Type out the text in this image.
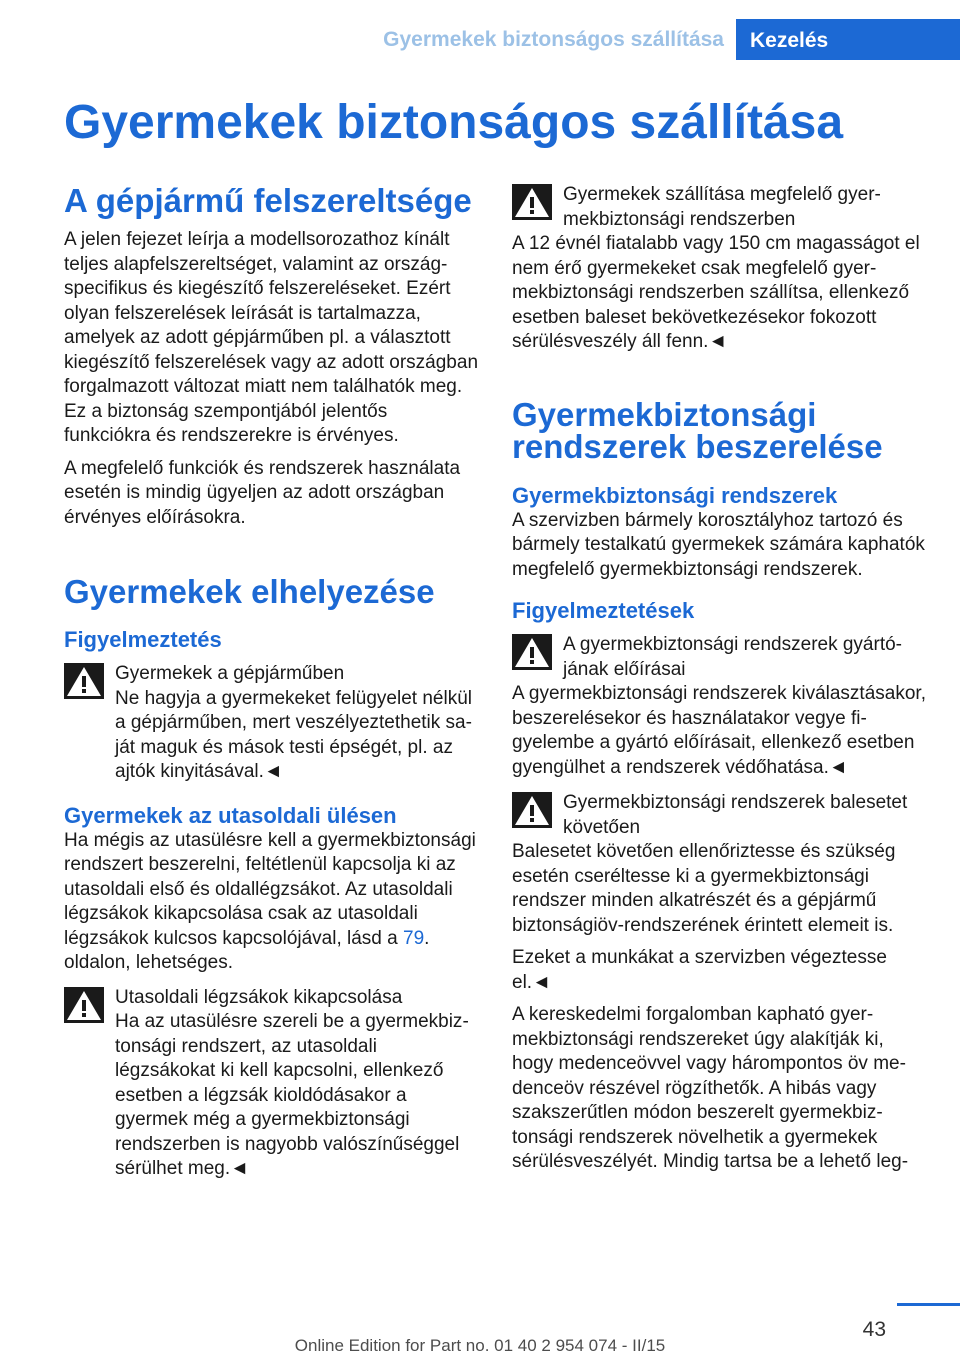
Gyermekek biztonságos szállítása	Kezelés
Gyermekek biztonságos szállítása
A gépjármű felszereltsége

A jelen fejezet leírja a modellsorozathoz kínált teljes alapfelszereltséget, valamint az országspecifikus és kiegészítő felszereléseket. Ezért olyan felszerelések leírását is tartalmazza, amelyek az adott gépjárműben pl. a választott kiegészítő felszerelések vagy az adott országban forgalmazott változat miatt nem találhatók meg. Ez a biztonság szempontjából jelentős funkciókra és rendszerekre is érvényes.

A megfelelő funkciók és rendszerek használata esetén is mindig ügyeljen az adott országban érvényes előírásokra.

Gyermekek elhelyezése
Figyelmeztetés

Gyermekek a gépjárműben

Ne hagyja a gyermekeket felügyelet nélkül a gépjárműben, mert veszélyeztethetik saját maguk és mások testi épségét, pl. az ajtók kinyitásával.◄

Gyermekek az utasoldali ülésen

Ha mégis az utasülésre kell a gyermekbiztonsági rendszert beszerelni, feltétlenül kapcsolja ki az utasoldali első és oldallégzsákot. Az utasoldali légzsákok kikapcsolása csak az utasoldali légzsákok kulcsos kapcsolójával, lásd a 79. oldalon, lehetséges.

Utasoldali légzsákok kikapcsolása

Ha az utasülésre szereli be a gyermekbiztonsági rendszert, az utasoldali légzsákokat ki kell kapcsolni, ellenkező esetben a légzsák kioldódásakor a gyermek még a gyermekbiztonsági rendszerben is nagyobb valószínűséggel sérülhet meg.◄

Gyermekek szállítása megfelelő gyermekbiztonsági rendszerben

A 12 évnél fiatalabb vagy 150 cm magasságot el nem érő gyermekeket csak megfelelő gyermekbiztonsági rendszerben szállítsa, ellenkező esetben baleset bekövetkezésekor fokozott sérülésveszély áll fenn.◄

Gyermekbiztonsági rendszerek beszerelése
Gyermekbiztonsági rendszerek

A szervizben bármely korosztályhoz tartozó és bármely testalkatú gyermekek számára kaphatók megfelelő gyermekbiztonsági rendszerek.

Figyelmeztetések

A gyermekbiztonsági rendszerek gyártójának előírásai

A gyermekbiztonsági rendszerek kiválasztásakor, beszerelésekor és használatakor vegye figyelembe a gyártó előírásait, ellenkező esetben gyengülhet a rendszerek védőhatása.◄

Gyermekbiztonsági rendszerek balesetet követően

Balesetet követően ellenőriztesse és szükség esetén cseréltesse ki a gyermekbiztonsági rendszer minden alkatrészét és a gépjármű biztonságiöv-rendszerének érintett elemeit is.

Ezeket a munkákat a szervizben végeztesse el.◄

A kereskedelmi forgalomban kapható gyermekbiztonsági rendszereket úgy alakítják ki, hogy medenceövvel vagy hárompontos öv medenceöv részével rögzíthetők. A hibás vagy szakszerűtlen módon beszerelt gyermekbiztonsági rendszerek növelhetik a gyermekek sérülésveszélyét. Mindig tartsa be a lehető leg-

43
Online Edition for Part no. 01 40 2 954 074 - II/15
